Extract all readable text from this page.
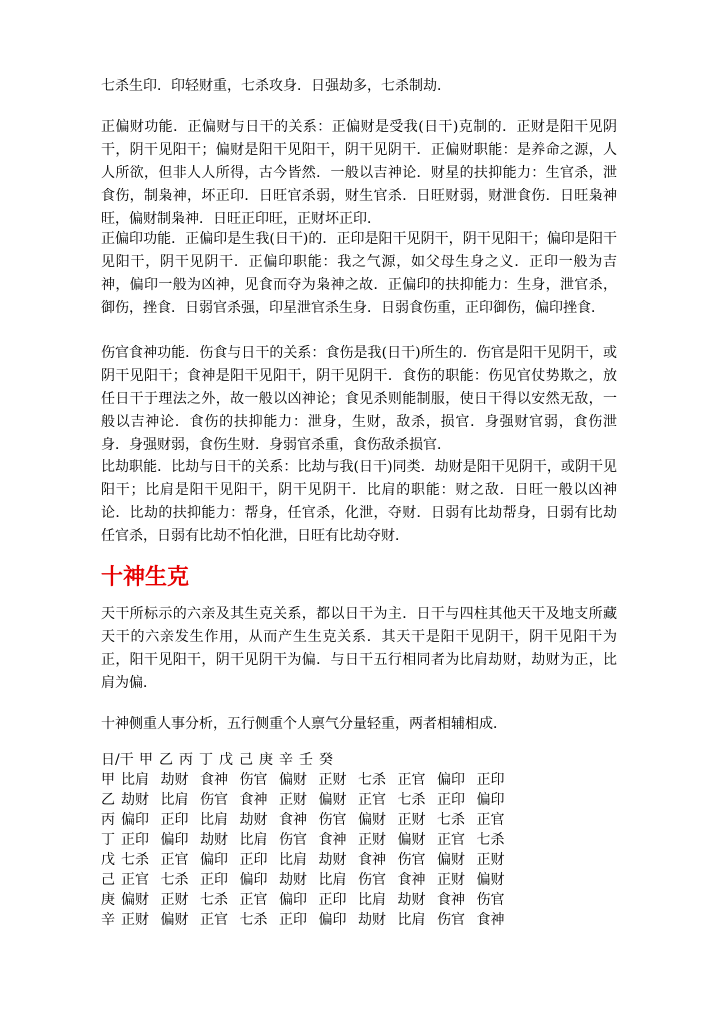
七杀生印．印轻财重，七杀攻身．日强劫多，七杀制劫．

正偏财功能．正偏财与日干的关系：正偏财是受我(日干)克制的．正财是阳干见阴干，阴干见阳干；偏财是阳干见阳干，阴干见阴干．正偏财职能：是养命之源，人人所欲，但非人人所得，古今皆然．一般以吉神论．财星的扶抑能力：生官杀，泄食伤，制枭神，坏正印．日旺官杀弱，财生官杀．日旺财弱，财泄食伤．日旺枭神旺，偏财制枭神．日旺正印旺，正财坏正印．

正偏印功能．正偏印是生我(日干)的．正印是阳干见阴干，阴干见阳干；偏印是阳干见阳干，阴干见阴干．正偏印职能：我之气源，如父母生身之义．正印一般为吉神，偏印一般为凶神，见食而夺为枭神之故．正偏印的扶抑能力：生身，泄官杀，御伤，挫食．日弱官杀强，印星泄官杀生身．日弱食伤重，正印御伤，偏印挫食．

伤官食神功能．伤食与日干的关系：食伤是我(日干)所生的．伤官是阳干见阴干，或阴干见阳干；食神是阳干见阳干，阴干见阴干．食伤的职能：伤见官仗势欺之，放任日干于理法之外，故一般以凶神论；食见杀则能制服，使日干得以安然无敌，一般以吉神论．食伤的扶抑能力：泄身，生财，敌杀，损官．身强财官弱，食伤泄身．身强财弱，食伤生财．身弱官杀重，食伤敌杀损官．

比劫职能．比劫与日干的关系：比劫与我(日干)同类．劫财是阳干见阴干，或阴干见阳干；比肩是阳干见阳干，阴干见阴干．比肩的职能：财之敌．日旺一般以凶神论．比劫的扶抑能力：帮身，任官杀，化泄，夺财．日弱有比劫帮身，日弱有比劫任官杀，日弱有比劫不怕化泄，日旺有比劫夺财．

十神生克

天干所标示的六亲及其生克关系，都以日干为主．日干与四柱其他天干及地支所藏天干的六亲发生作用，从而产生生克关系．其天干是阳干见阴干，阴干见阳干为正，阳干见阳干，阴干见阴干为偏．与日干五行相同者为比肩劫财，劫财为正，比肩为偏．

十神侧重人事分析，五行侧重个人禀气分量轻重，两者相辅相成．

日/干 甲 乙 丙 丁 戊 己 庚 辛 壬 癸
甲 比肩 劫财 食神 伤官 偏财 正财 七杀 正官 偏印 正印
乙 劫财 比肩 伤官 食神 正财 偏财 正官 七杀 正印 偏印
丙 偏印 正印 比肩 劫财 食神 伤官 偏财 正财 七杀 正官
丁 正印 偏印 劫财 比肩 伤官 食神 正财 偏财 正官 七杀
戊 七杀 正官 偏印 正印 比肩 劫财 食神 伤官 偏财 正财
己 正官 七杀 正印 偏印 劫财 比肩 伤官 食神 正财 偏财
庚 偏财 正财 七杀 正官 偏印 正印 比肩 劫财 食神 伤官
辛 正财 偏财 正官 七杀 正印 偏印 劫财 比肩 伤官 食神
